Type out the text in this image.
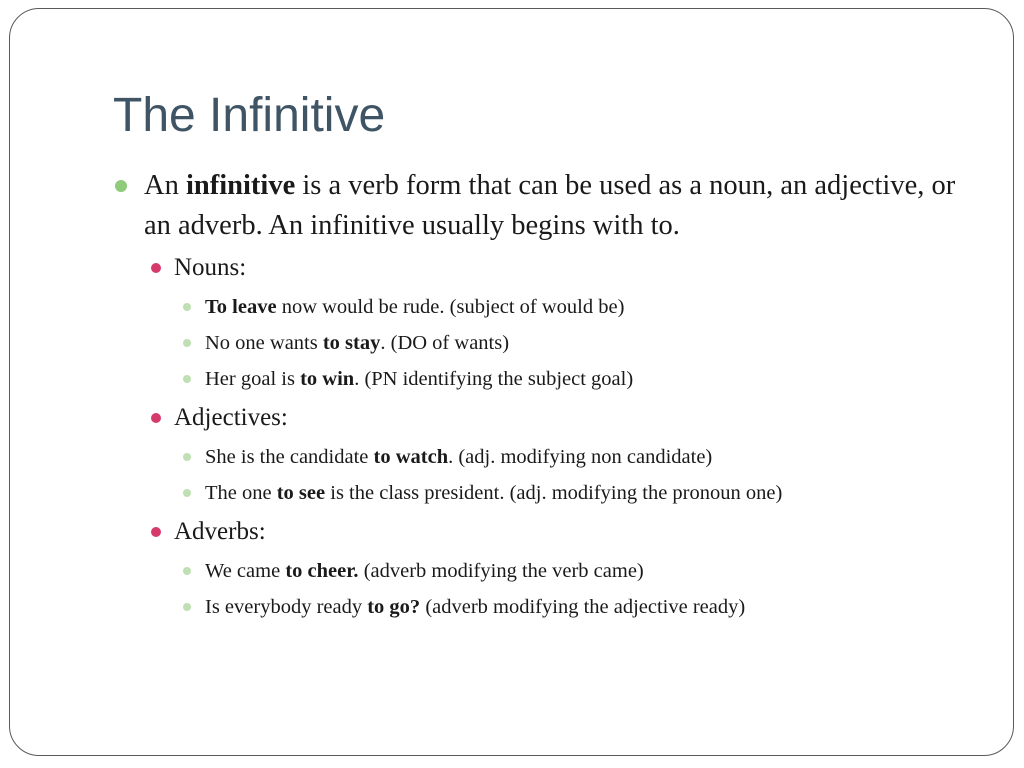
The Infinitive
An infinitive is a verb form that can be used as a noun, an adjective, or an adverb. An infinitive usually begins with to.
Nouns:
To leave now would be rude. (subject of would be)
No one wants to stay. (DO of wants)
Her goal is to win. (PN identifying the subject goal)
Adjectives:
She is the candidate to watch. (adj. modifying non candidate)
The one to see is the class president. (adj. modifying the pronoun one)
Adverbs:
We came to cheer. (adverb modifying the verb came)
Is everybody ready to go? (adverb modifying the adjective ready)
